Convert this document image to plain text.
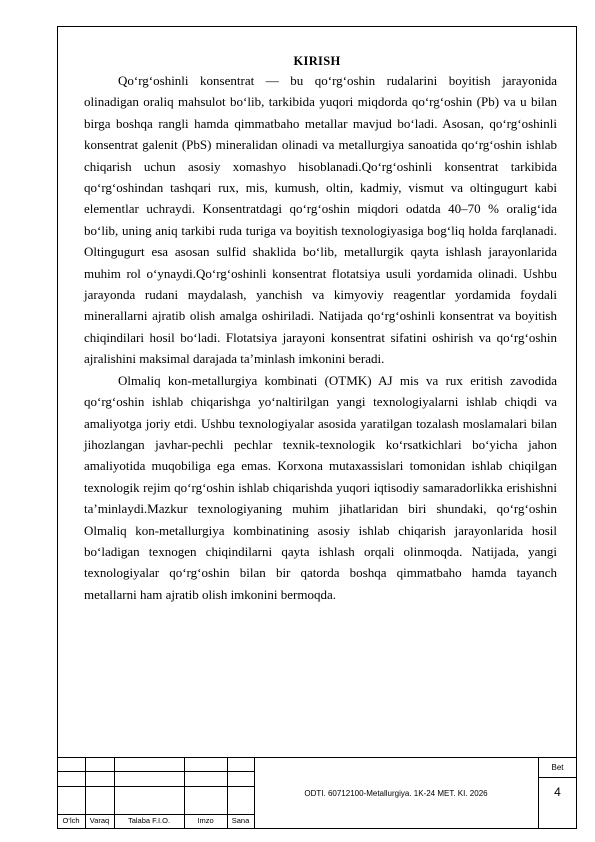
KIRISH

Qo‘rg‘oshinli konsentrat — bu qo‘rg‘oshin rudalarini boyitish jarayonida olinadigan oraliq mahsulot bo‘lib, tarkibida yuqori miqdorda qo‘rg‘oshin (Pb) va u bilan birga boshqa rangli hamda qimmatbaho metallar mavjud bo‘ladi. Asosan, qo‘rg‘oshinli konsentrat galenit (PbS) mineralidan olinadi va metallurgiya sanoatida qo‘rg‘oshin ishlab chiqarish uchun asosiy xomashyo hisoblanadi.Qo‘rg‘oshinli konsentrat tarkibida qo‘rg‘oshindan tashqari rux, mis, kumush, oltin, kadmiy, vismut va oltingugurt kabi elementlar uchraydi. Konsentratdagi qo‘rg‘oshin miqdori odatda 40–70 % oralig‘ida bo‘lib, uning aniq tarkibi ruda turiga va boyitish texnologiyasiga bog‘liq holda farqlanadi. Oltingugurt esa asosan sulfid shaklida bo‘lib, metallurgik qayta ishlash jarayonlarida muhim rol o‘ynaydi.Qo‘rg‘oshinli konsentrat flotatsiya usuli yordamida olinadi. Ushbu jarayonda rudani maydalash, yanchish va kimyoviy reagentlar yordamida foydali minerallarni ajratib olish amalga oshiriladi. Natijada qo‘rg‘oshinli konsentrat va boyitish chiqindilari hosil bo‘ladi. Flotatsiya jarayoni konsentrat sifatini oshirish va qo‘rg‘oshin ajralishini maksimal darajada ta’minlash imkonini beradi.

Olmaliq kon-metallurgiya kombinati (OTMK) AJ mis va rux eritish zavodida qo‘rg‘oshin ishlab chiqarishga yo‘naltirilgan yangi texnologiyalarni ishlab chiqdi va amaliyotga joriy etdi. Ushbu texnologiyalar asosida yaratilgan tozalash moslamalari bilan jihozlangan javhar-pechli pechlar texnik-texnologik ko‘rsatkichlari bo‘yicha jahon amaliyotida muqobiliga ega emas. Korxona mutaxassislari tomonidan ishlab chiqilgan texnologik rejim qo‘rg‘oshin ishlab chiqarishda yuqori iqtisodiy samaradorlikka erishishni ta’minlaydi.Mazkur texnologiyaning muhim jihatlaridan biri shundaki, qo‘rg‘oshin Olmaliq kon-metallurgiya kombinatining asosiy ishlab chiqarish jarayonlarida hosil bo‘ladigan texnogen chiqindilarni qayta ishlash orqali olinmoqda. Natijada, yangi texnologiyalar qo‘rg‘oshin bilan bir qatorda boshqa qimmatbaho hamda tayanch metallarni ham ajratib olish imkonini bermoqda.

O‘lch	Varaq	Talaba F.I.O.	Imzo	Sana
ODTI. 60712100-Metallurgiya. 1K-24 MET. KI. 2026
Bet
4
